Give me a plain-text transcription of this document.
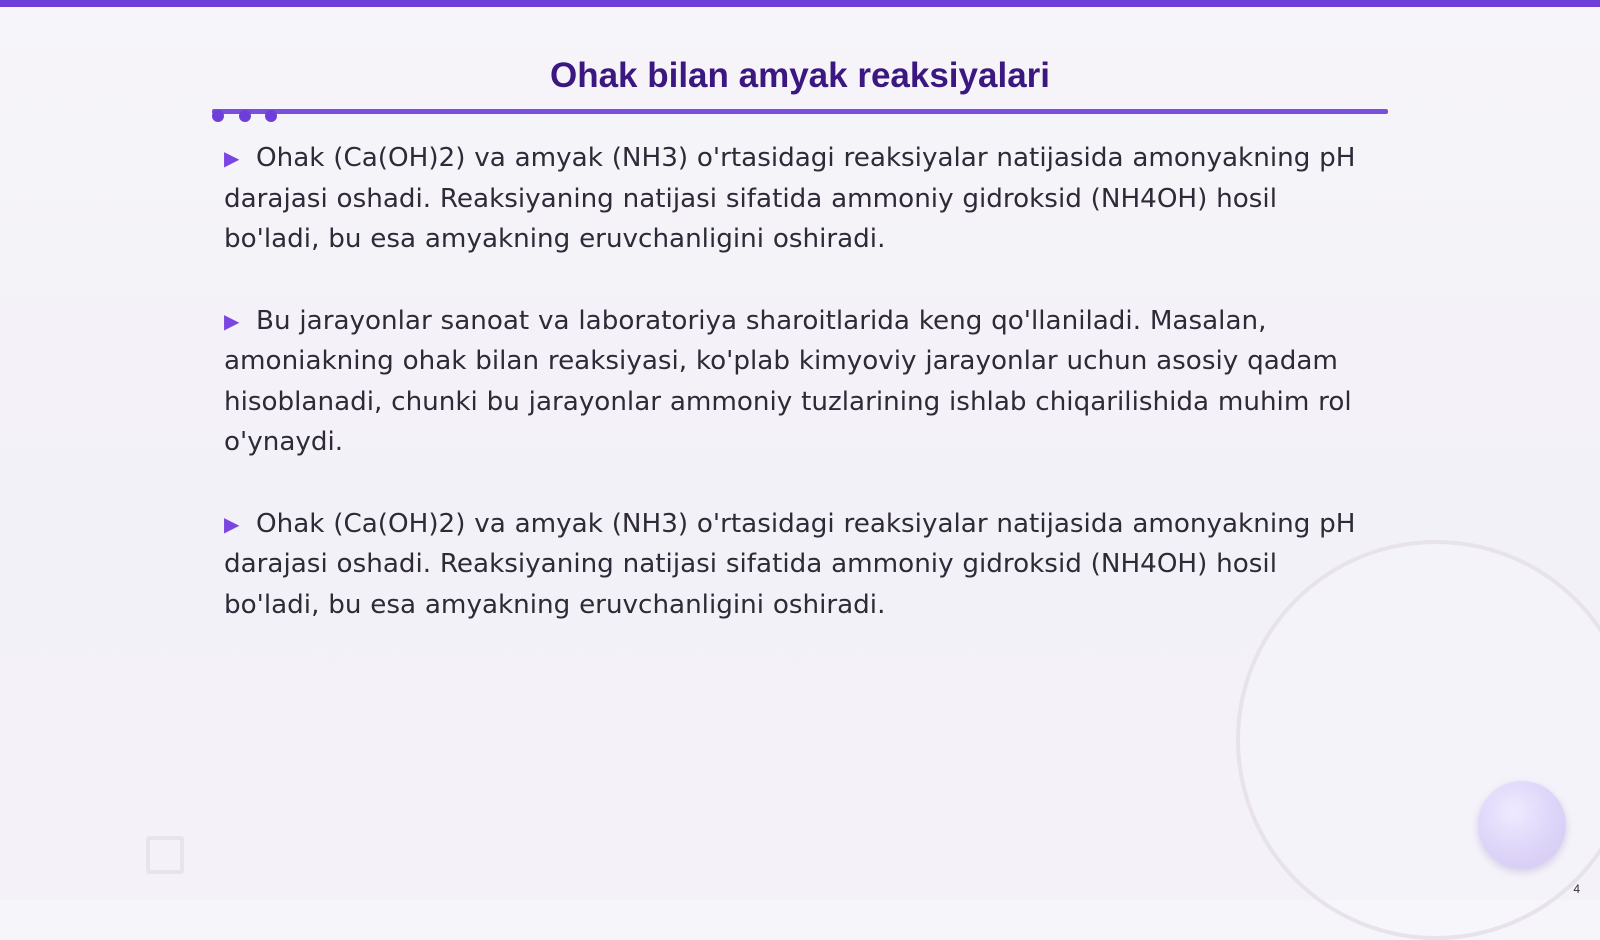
Ohak bilan amyak reaksiyalari

▶ Ohak (Ca(OH)2) va amyak (NH3) o'rtasidagi reaksiyalar natijasida amonyakning pH darajasi oshadi. Reaksiyaning natijasi sifatida ammoniy gidroksid (NH4OH) hosil bo'ladi, bu esa amyakning eruvchanligini oshiradi.

▶ Bu jarayonlar sanoat va laboratoriya sharoitlarida keng qo'llaniladi. Masalan, amoniakning ohak bilan reaksiyasi, ko'plab kimyoviy jarayonlar uchun asosiy qadam hisoblanadi, chunki bu jarayonlar ammoniy tuzlarining ishlab chiqarilishida muhim rol o'ynaydi.

▶ Ohak (Ca(OH)2) va amyak (NH3) o'rtasidagi reaksiyalar natijasida amonyakning pH darajasi oshadi. Reaksiyaning natijasi sifatida ammoniy gidroksid (NH4OH) hosil bo'ladi, bu esa amyakning eruvchanligini oshiradi.

4
